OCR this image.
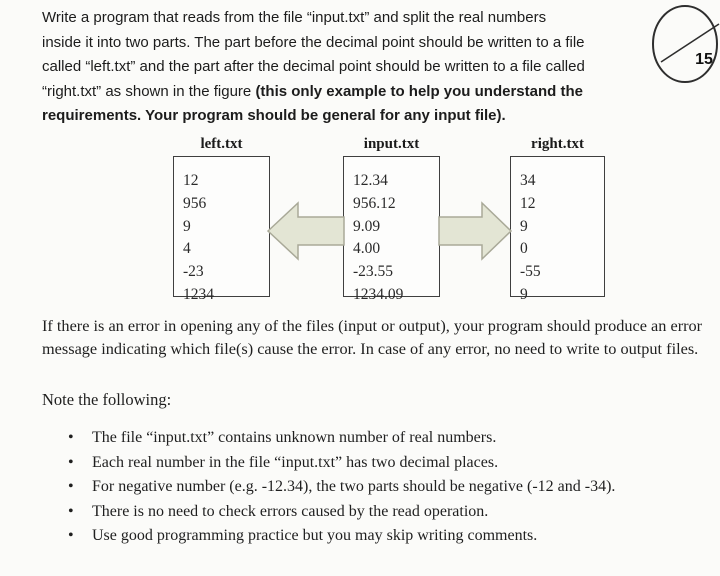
Write a program that reads from the file “input.txt” and split the real numbers
inside it into two parts. The part before the decimal point should be written to a file
called “left.txt” and the part after the decimal point should be written to a file called
“right.txt” as shown in the figure (this only example to help you understand the
requirements. Your program should be general for any input file).
15
left.txt
12
956
9
4
-23
1234
input.txt
12.34
956.12
9.09
4.00
-23.55
1234.09
right.txt
34
12
9
0
-55
9

If there is an error in opening any of the files (input or output), your program should produce an error message indicating which file(s) cause the error. In case of any error, no need to write to output files.

Note the following:

•
The file “input.txt” contains unknown number of real numbers.
•
Each real number in the file “input.txt” has two decimal places.
•
For negative number (e.g. -12.34), the two parts should be negative (-12 and -34).
•
There is no need to check errors caused by the read operation.
•
Use good programming practice but you may skip writing comments.
